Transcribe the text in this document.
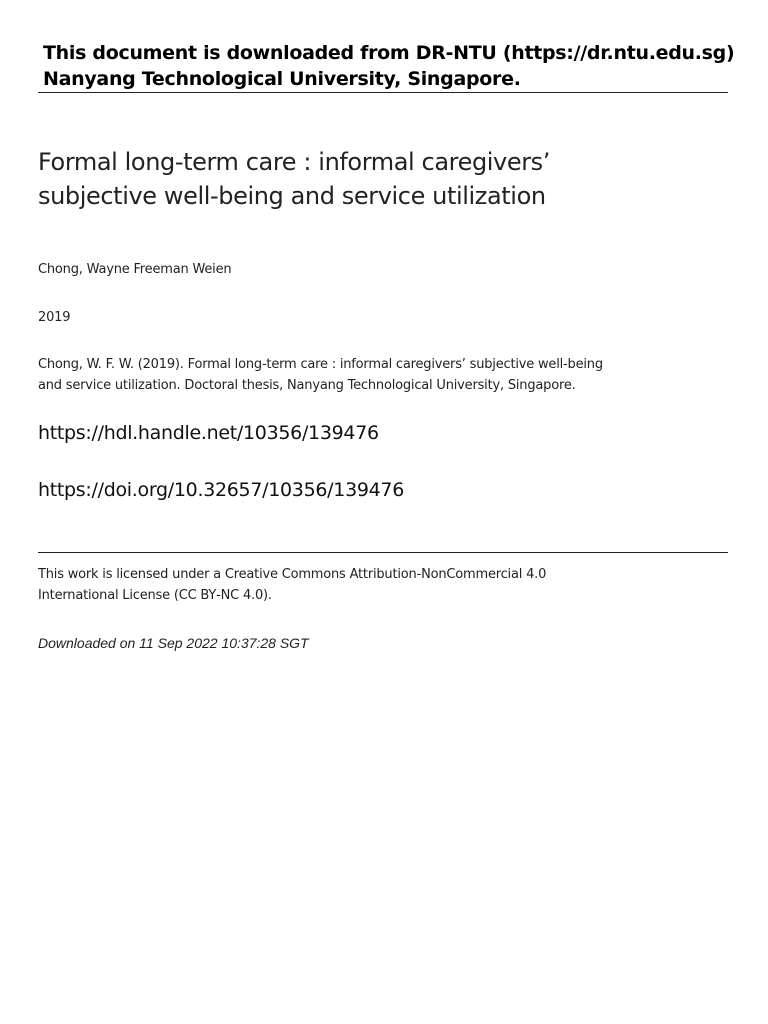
This document is downloaded from DR‑NTU (https://dr.ntu.edu.sg)
Nanyang Technological University, Singapore.
Formal long‑term care : informal caregivers’
subjective well‑being and service utilization
Chong, Wayne Freeman Weien
2019
Chong, W. F. W. (2019). Formal long‑term care : informal caregivers’ subjective well‑being
and service utilization. Doctoral thesis, Nanyang Technological University, Singapore.
https://hdl.handle.net/10356/139476
https://doi.org/10.32657/10356/139476
This work is licensed under a Creative Commons Attribution‑NonCommercial 4.0
International License (CC BY‑NC 4.0).
Downloaded on 11 Sep 2022 10:37:28 SGT
